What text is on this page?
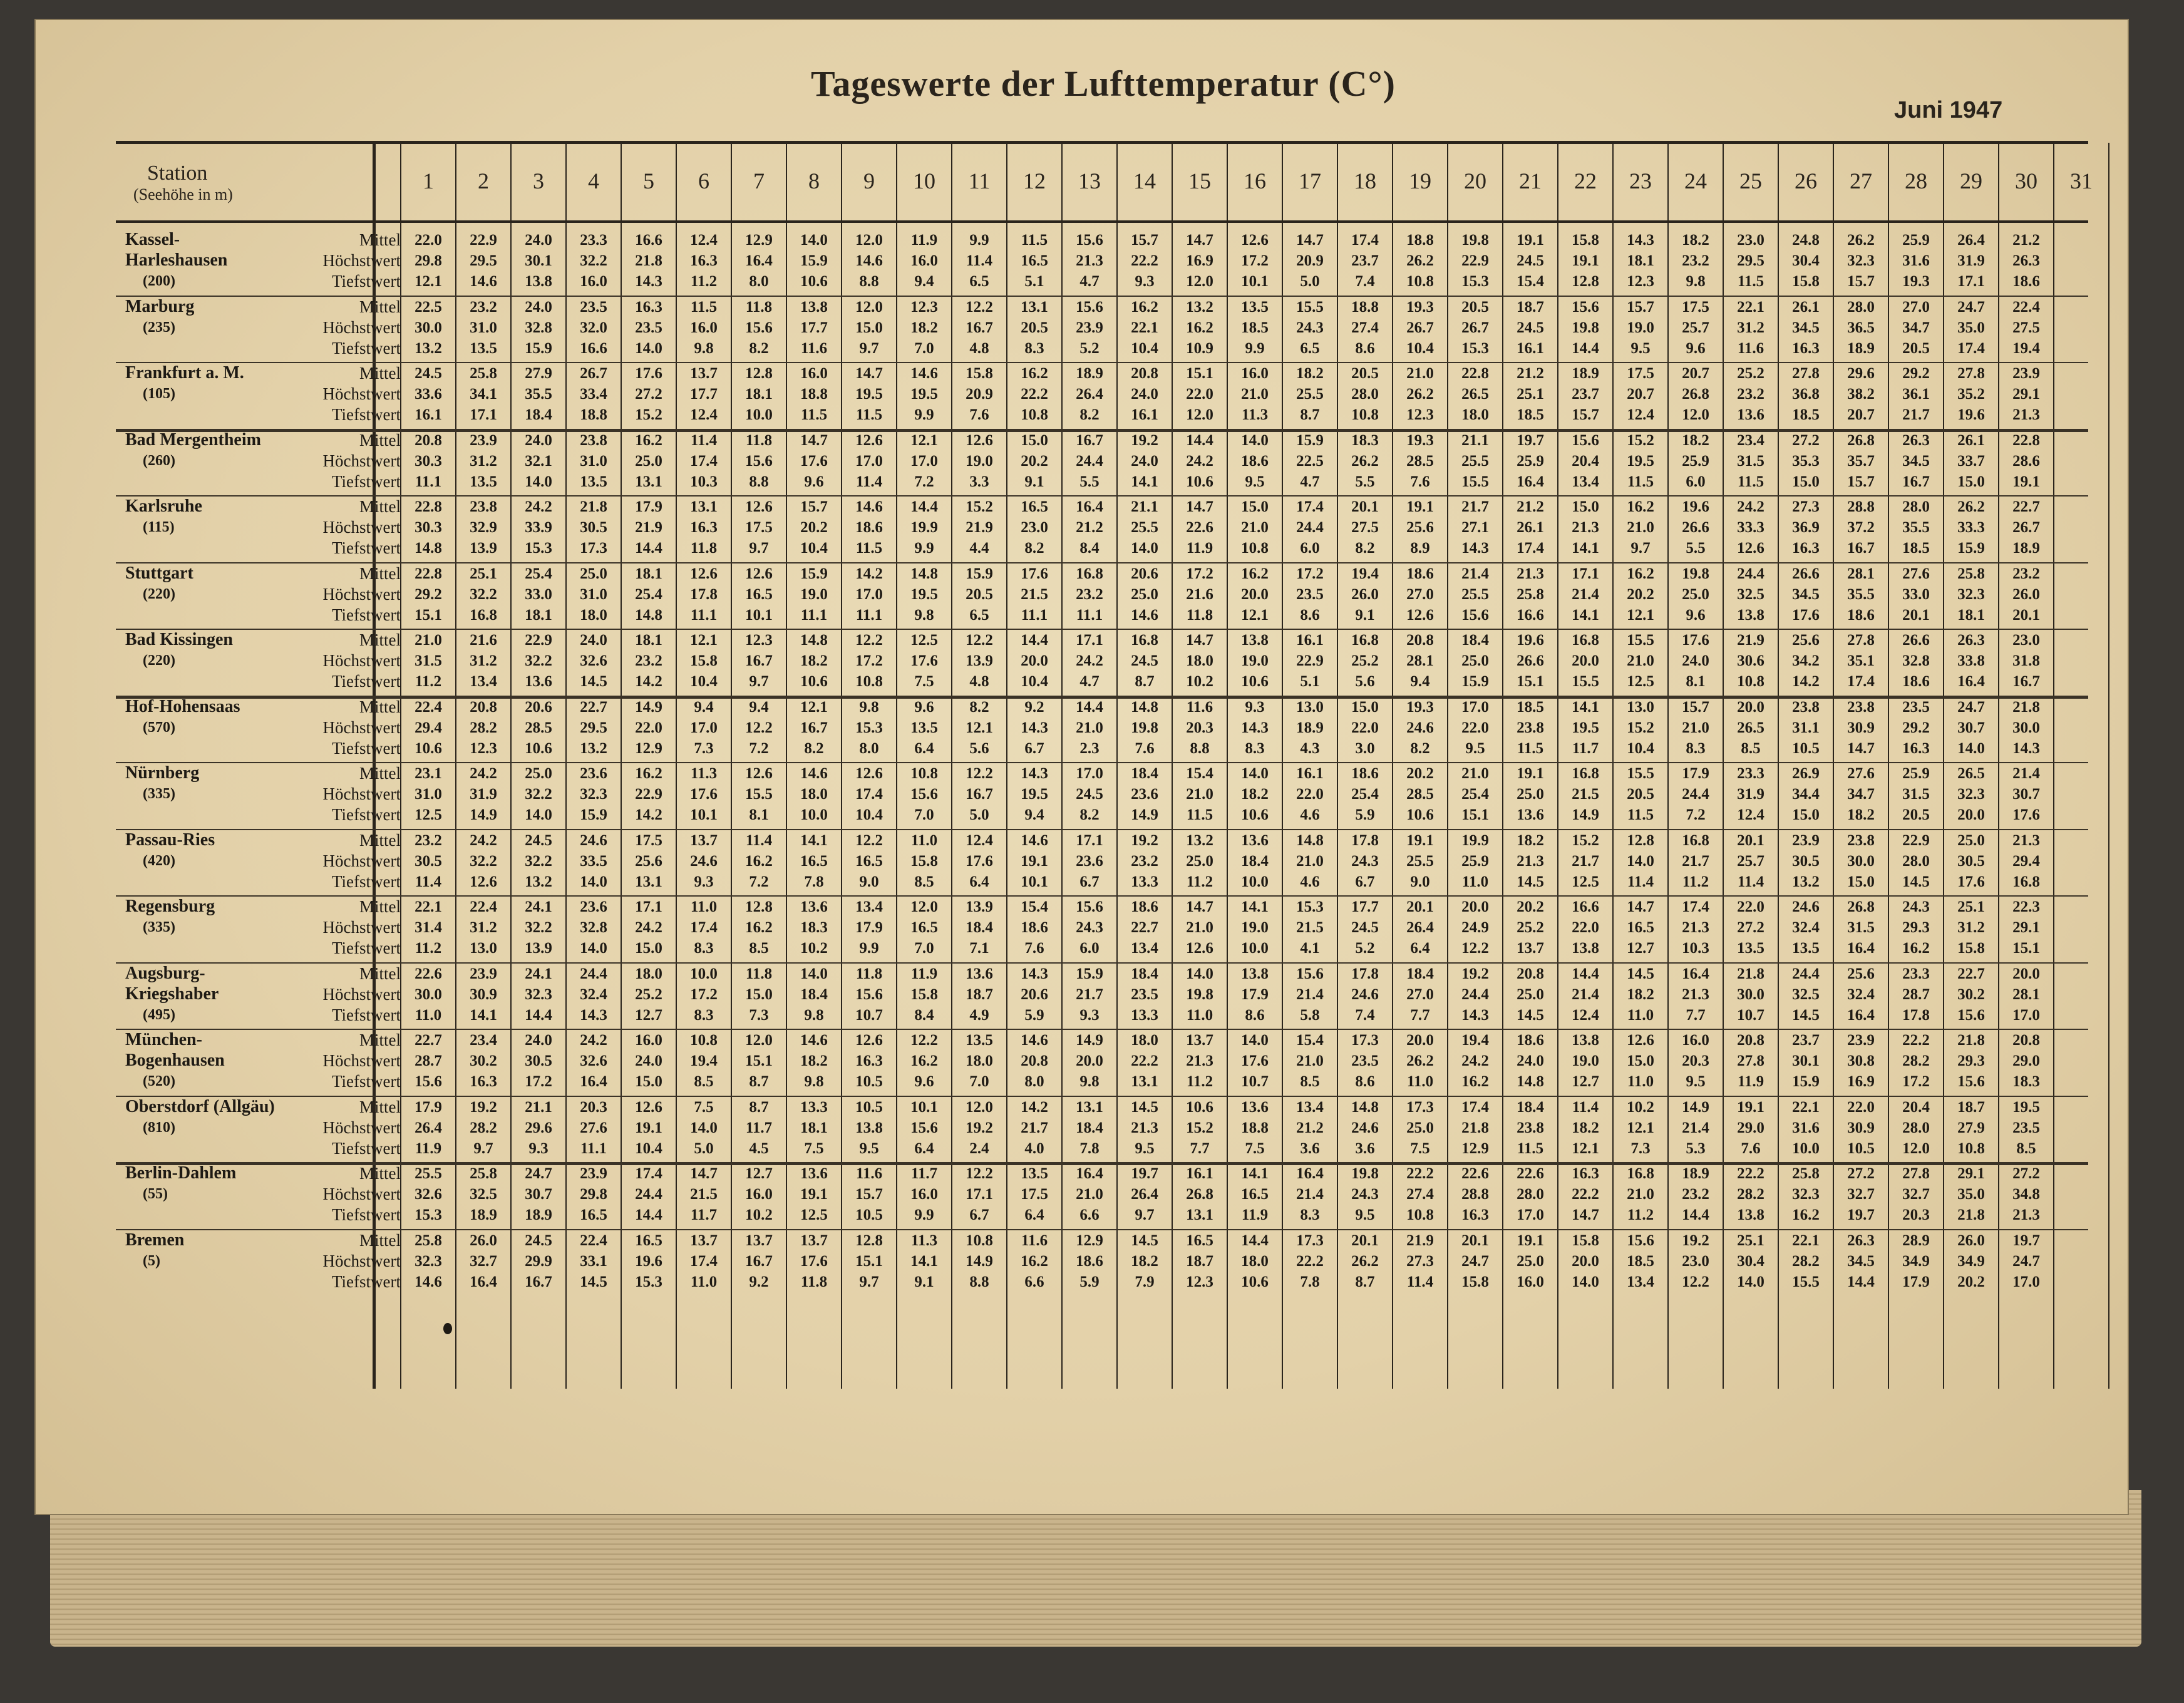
Tageswerte der Lufttemperatur (C°)
Juni 1947
Station
(Seehöhe in m)
1	2	3	4	5	6	7	8	9	10	11	12	13	14	15	16	17	18	19	20	21	22	23	24	25	26	27	28	29	30	31
Kassel-
Harleshausen
(200)
Mittel 22.0	22.9	24.0	23.3	16.6	12.4	12.9	14.0	12.0	11.9	9.9	11.5	15.6	15.7	14.7	12.6	14.7	17.4	18.8	19.8	19.1	15.8	14.3	18.2	23.0	24.8	26.2	25.9	26.4	21.2
Höchstwert 29.8	29.5	30.1	32.2	21.8	16.3	16.4	15.9	14.6	16.0	11.4	16.5	21.3	22.2	16.9	17.2	20.9	23.7	26.2	22.9	24.5	19.1	18.1	23.2	29.5	30.4	32.3	31.6	31.9	26.3
Tiefstwert 12.1	14.6	13.8	16.0	14.3	11.2	8.0	10.6	8.8	9.4	6.5	5.1	4.7	9.3	12.0	10.1	5.0	7.4	10.8	15.3	15.4	12.8	12.3	9.8	11.5	15.8	15.7	19.3	17.1	18.6
Marburg
(235)
Mittel 22.5	23.2	24.0	23.5	16.3	11.5	11.8	13.8	12.0	12.3	12.2	13.1	15.6	16.2	13.2	13.5	15.5	18.8	19.3	20.5	18.7	15.6	15.7	17.5	22.1	26.1	28.0	27.0	24.7	22.4
Höchstwert 30.0	31.0	32.8	32.0	23.5	16.0	15.6	17.7	15.0	18.2	16.7	20.5	23.9	22.1	16.2	18.5	24.3	27.4	26.7	26.7	24.5	19.8	19.0	25.7	31.2	34.5	36.5	34.7	35.0	27.5
Tiefstwert 13.2	13.5	15.9	16.6	14.0	9.8	8.2	11.6	9.7	7.0	4.8	8.3	5.2	10.4	10.9	9.9	6.5	8.6	10.4	15.3	16.1	14.4	9.5	9.6	11.6	16.3	18.9	20.5	17.4	19.4
Frankfurt a. M.
(105)
Mittel 24.5	25.8	27.9	26.7	17.6	13.7	12.8	16.0	14.7	14.6	15.8	16.2	18.9	20.8	15.1	16.0	18.2	20.5	21.0	22.8	21.2	18.9	17.5	20.7	25.2	27.8	29.6	29.2	27.8	23.9
Höchstwert 33.6	34.1	35.5	33.4	27.2	17.7	18.1	18.8	19.5	19.5	20.9	22.2	26.4	24.0	22.0	21.0	25.5	28.0	26.2	26.5	25.1	23.7	20.7	26.8	23.2	36.8	38.2	36.1	35.2	29.1
Tiefstwert 16.1	17.1	18.4	18.8	15.2	12.4	10.0	11.5	11.5	9.9	7.6	10.8	8.2	16.1	12.0	11.3	8.7	10.8	12.3	18.0	18.5	15.7	12.4	12.0	13.6	18.5	20.7	21.7	19.6	21.3
Bad Mergentheim
(260)
Mittel 20.8	23.9	24.0	23.8	16.2	11.4	11.8	14.7	12.6	12.1	12.6	15.0	16.7	19.2	14.4	14.0	15.9	18.3	19.3	21.1	19.7	15.6	15.2	18.2	23.4	27.2	26.8	26.3	26.1	22.8
Höchstwert 30.3	31.2	32.1	31.0	25.0	17.4	15.6	17.6	17.0	17.0	19.0	20.2	24.4	24.0	24.2	18.6	22.5	26.2	28.5	25.5	25.9	20.4	19.5	25.9	31.5	35.3	35.7	34.5	33.7	28.6
Tiefstwert 11.1	13.5	14.0	13.5	13.1	10.3	8.8	9.6	11.4	7.2	3.3	9.1	5.5	14.1	10.6	9.5	4.7	5.5	7.6	15.5	16.4	13.4	11.5	6.0	11.5	15.0	15.7	16.7	15.0	19.1
Karlsruhe
(115)
Mittel 22.8	23.8	24.2	21.8	17.9	13.1	12.6	15.7	14.6	14.4	15.2	16.5	16.4	21.1	14.7	15.0	17.4	20.1	19.1	21.7	21.2	15.0	16.2	19.6	24.2	27.3	28.8	28.0	26.2	22.7
Höchstwert 30.3	32.9	33.9	30.5	21.9	16.3	17.5	20.2	18.6	19.9	21.9	23.0	21.2	25.5	22.6	21.0	24.4	27.5	25.6	27.1	26.1	21.3	21.0	26.6	33.3	36.9	37.2	35.5	33.3	26.7
Tiefstwert 14.8	13.9	15.3	17.3	14.4	11.8	9.7	10.4	11.5	9.9	4.4	8.2	8.4	14.0	11.9	10.8	6.0	8.2	8.9	14.3	17.4	14.1	9.7	5.5	12.6	16.3	16.7	18.5	15.9	18.9
Stuttgart
(220)
Mittel 22.8	25.1	25.4	25.0	18.1	12.6	12.6	15.9	14.2	14.8	15.9	17.6	16.8	20.6	17.2	16.2	17.2	19.4	18.6	21.4	21.3	17.1	16.2	19.8	24.4	26.6	28.1	27.6	25.8	23.2
Höchstwert 29.2	32.2	33.0	31.0	25.4	17.8	16.5	19.0	17.0	19.5	20.5	21.5	23.2	25.0	21.6	20.0	23.5	26.0	27.0	25.5	25.8	21.4	20.2	25.0	32.5	34.5	35.5	33.0	32.3	26.0
Tiefstwert 15.1	16.8	18.1	18.0	14.8	11.1	10.1	11.1	11.1	9.8	6.5	11.1	11.1	14.6	11.8	12.1	8.6	9.1	12.6	15.6	16.6	14.1	12.1	9.6	13.8	17.6	18.6	20.1	18.1	20.1
Bad Kissingen
(220)
Mittel 21.0	21.6	22.9	24.0	18.1	12.1	12.3	14.8	12.2	12.5	12.2	14.4	17.1	16.8	14.7	13.8	16.1	16.8	20.8	18.4	19.6	16.8	15.5	17.6	21.9	25.6	27.8	26.6	26.3	23.0
Höchstwert 31.5	31.2	32.2	32.6	23.2	15.8	16.7	18.2	17.2	17.6	13.9	20.0	24.2	24.5	18.0	19.0	22.9	25.2	28.1	25.0	26.6	20.0	21.0	24.0	30.6	34.2	35.1	32.8	33.8	31.8
Tiefstwert 11.2	13.4	13.6	14.5	14.2	10.4	9.7	10.6	10.8	7.5	4.8	10.4	4.7	8.7	10.2	10.6	5.1	5.6	9.4	15.9	15.1	15.5	12.5	8.1	10.8	14.2	17.4	18.6	16.4	16.7
Hof-Hohensaas
(570)
Mittel 22.4	20.8	20.6	22.7	14.9	9.4	9.4	12.1	9.8	9.6	8.2	9.2	14.4	14.8	11.6	9.3	13.0	15.0	19.3	17.0	18.5	14.1	13.0	15.7	20.0	23.8	23.8	23.5	24.7	21.8
Höchstwert 29.4	28.2	28.5	29.5	22.0	17.0	12.2	16.7	15.3	13.5	12.1	14.3	21.0	19.8	20.3	14.3	18.9	22.0	24.6	22.0	23.8	19.5	15.2	21.0	26.5	31.1	30.9	29.2	30.7	30.0
Tiefstwert 10.6	12.3	10.6	13.2	12.9	7.3	7.2	8.2	8.0	6.4	5.6	6.7	2.3	7.6	8.8	8.3	4.3	3.0	8.2	9.5	11.5	11.7	10.4	8.3	8.5	10.5	14.7	16.3	14.0	14.3
Nürnberg
(335)
Mittel 23.1	24.2	25.0	23.6	16.2	11.3	12.6	14.6	12.6	10.8	12.2	14.3	17.0	18.4	15.4	14.0	16.1	18.6	20.2	21.0	19.1	16.8	15.5	17.9	23.3	26.9	27.6	25.9	26.5	21.4
Höchstwert 31.0	31.9	32.2	32.3	22.9	17.6	15.5	18.0	17.4	15.6	16.7	19.5	24.5	23.6	21.0	18.2	22.0	25.4	28.5	25.4	25.0	21.5	20.5	24.4	31.9	34.4	34.7	31.5	32.3	30.7
Tiefstwert 12.5	14.9	14.0	15.9	14.2	10.1	8.1	10.0	10.4	7.0	5.0	9.4	8.2	14.9	11.5	10.6	4.6	5.9	10.6	15.1	13.6	14.9	11.5	7.2	12.4	15.0	18.2	20.5	20.0	17.6
Passau-Ries
(420)
Mittel 23.2	24.2	24.5	24.6	17.5	13.7	11.4	14.1	12.2	11.0	12.4	14.6	17.1	19.2	13.2	13.6	14.8	17.8	19.1	19.9	18.2	15.2	12.8	16.8	20.1	23.9	23.8	22.9	25.0	21.3
Höchstwert 30.5	32.2	32.2	33.5	25.6	24.6	16.2	16.5	16.5	15.8	17.6	19.1	23.6	23.2	25.0	18.4	21.0	24.3	25.5	25.9	21.3	21.7	14.0	21.7	25.7	30.5	30.0	28.0	30.5	29.4
Tiefstwert 11.4	12.6	13.2	14.0	13.1	9.3	7.2	7.8	9.0	8.5	6.4	10.1	6.7	13.3	11.2	10.0	4.6	6.7	9.0	11.0	14.5	12.5	11.4	11.2	11.4	13.2	15.0	14.5	17.6	16.8
Regensburg
(335)
Mittel 22.1	22.4	24.1	23.6	17.1	11.0	12.8	13.6	13.4	12.0	13.9	15.4	15.6	18.6	14.7	14.1	15.3	17.7	20.1	20.0	20.2	16.6	14.7	17.4	22.0	24.6	26.8	24.3	25.1	22.3
Höchstwert 31.4	31.2	32.2	32.8	24.2	17.4	16.2	18.3	17.9	16.5	18.4	18.6	24.3	22.7	21.0	19.0	21.5	24.5	26.4	24.9	25.2	22.0	16.5	21.3	27.2	32.4	31.5	29.3	31.2	29.1
Tiefstwert 11.2	13.0	13.9	14.0	15.0	8.3	8.5	10.2	9.9	7.0	7.1	7.6	6.0	13.4	12.6	10.0	4.1	5.2	6.4	12.2	13.7	13.8	12.7	10.3	13.5	13.5	16.4	16.2	15.8	15.1
Augsburg-
Kriegshaber
(495)
Mittel 22.6	23.9	24.1	24.4	18.0	10.0	11.8	14.0	11.8	11.9	13.6	14.3	15.9	18.4	14.0	13.8	15.6	17.8	18.4	19.2	20.8	14.4	14.5	16.4	21.8	24.4	25.6	23.3	22.7	20.0
Höchstwert 30.0	30.9	32.3	32.4	25.2	17.2	15.0	18.4	15.6	15.8	18.7	20.6	21.7	23.5	19.8	17.9	21.4	24.6	27.0	24.4	25.0	21.4	18.2	21.3	30.0	32.5	32.4	28.7	30.2	28.1
Tiefstwert 11.0	14.1	14.4	14.3	12.7	8.3	7.3	9.8	10.7	8.4	4.9	5.9	9.3	13.3	11.0	8.6	5.8	7.4	7.7	14.3	14.5	12.4	11.0	7.7	10.7	14.5	16.4	17.8	15.6	17.0
München-
Bogenhausen
(520)
Mittel 22.7	23.4	24.0	24.2	16.0	10.8	12.0	14.6	12.6	12.2	13.5	14.6	14.9	18.0	13.7	14.0	15.4	17.3	20.0	19.4	18.6	13.8	12.6	16.0	20.8	23.7	23.9	22.2	21.8	20.8
Höchstwert 28.7	30.2	30.5	32.6	24.0	19.4	15.1	18.2	16.3	16.2	18.0	20.8	20.0	22.2	21.3	17.6	21.0	23.5	26.2	24.2	24.0	19.0	15.0	20.3	27.8	30.1	30.8	28.2	29.3	29.0
Tiefstwert 15.6	16.3	17.2	16.4	15.0	8.5	8.7	9.8	10.5	9.6	7.0	8.0	9.8	13.1	11.2	10.7	8.5	8.6	11.0	16.2	14.8	12.7	11.0	9.5	11.9	15.9	16.9	17.2	15.6	18.3
Oberstdorf (Allgäu)
(810)
Mittel 17.9	19.2	21.1	20.3	12.6	7.5	8.7	13.3	10.5	10.1	12.0	14.2	13.1	14.5	10.6	13.6	13.4	14.8	17.3	17.4	18.4	11.4	10.2	14.9	19.1	22.1	22.0	20.4	18.7	19.5
Höchstwert 26.4	28.2	29.6	27.6	19.1	14.0	11.7	18.1	13.8	15.6	19.2	21.7	18.4	21.3	15.2	18.8	21.2	24.6	25.0	21.8	23.8	18.2	12.1	21.4	29.0	31.6	30.9	28.0	27.9	23.5
Tiefstwert 11.9	9.7	9.3	11.1	10.4	5.0	4.5	7.5	9.5	6.4	2.4	4.0	7.8	9.5	7.7	7.5	3.6	3.6	7.5	12.9	11.5	12.1	7.3	5.3	7.6	10.0	10.5	12.0	10.8	8.5
Berlin-Dahlem
(55)
Mittel 25.5	25.8	24.7	23.9	17.4	14.7	12.7	13.6	11.6	11.7	12.2	13.5	16.4	19.7	16.1	14.1	16.4	19.8	22.2	22.6	22.6	16.3	16.8	18.9	22.2	25.8	27.2	27.8	29.1	27.2
Höchstwert 32.6	32.5	30.7	29.8	24.4	21.5	16.0	19.1	15.7	16.0	17.1	17.5	21.0	26.4	26.8	16.5	21.4	24.3	27.4	28.8	28.0	22.2	21.0	23.2	28.2	32.3	32.7	32.7	35.0	34.8
Tiefstwert 15.3	18.9	18.9	16.5	14.4	11.7	10.2	12.5	10.5	9.9	6.7	6.4	6.6	9.7	13.1	11.9	8.3	9.5	10.8	16.3	17.0	14.7	11.2	14.4	13.8	16.2	19.7	20.3	21.8	21.3
Bremen
(5)
Mittel 25.8	26.0	24.5	22.4	16.5	13.7	13.7	13.7	12.8	11.3	10.8	11.6	12.9	14.5	16.5	14.4	17.3	20.1	21.9	20.1	19.1	15.8	15.6	19.2	25.1	22.1	26.3	28.9	26.0	19.7
Höchstwert 32.3	32.7	29.9	33.1	19.6	17.4	16.7	17.6	15.1	14.1	14.9	16.2	18.6	18.2	18.7	18.0	22.2	26.2	27.3	24.7	25.0	20.0	18.5	23.0	30.4	28.2	34.5	34.9	34.9	24.7
Tiefstwert 14.6	16.4	16.7	14.5	15.3	11.0	9.2	11.8	9.7	9.1	8.8	6.6	5.9	7.9	12.3	10.6	7.8	8.7	11.4	15.8	16.0	14.0	13.4	12.2	14.0	15.5	14.4	17.9	20.2	17.0
